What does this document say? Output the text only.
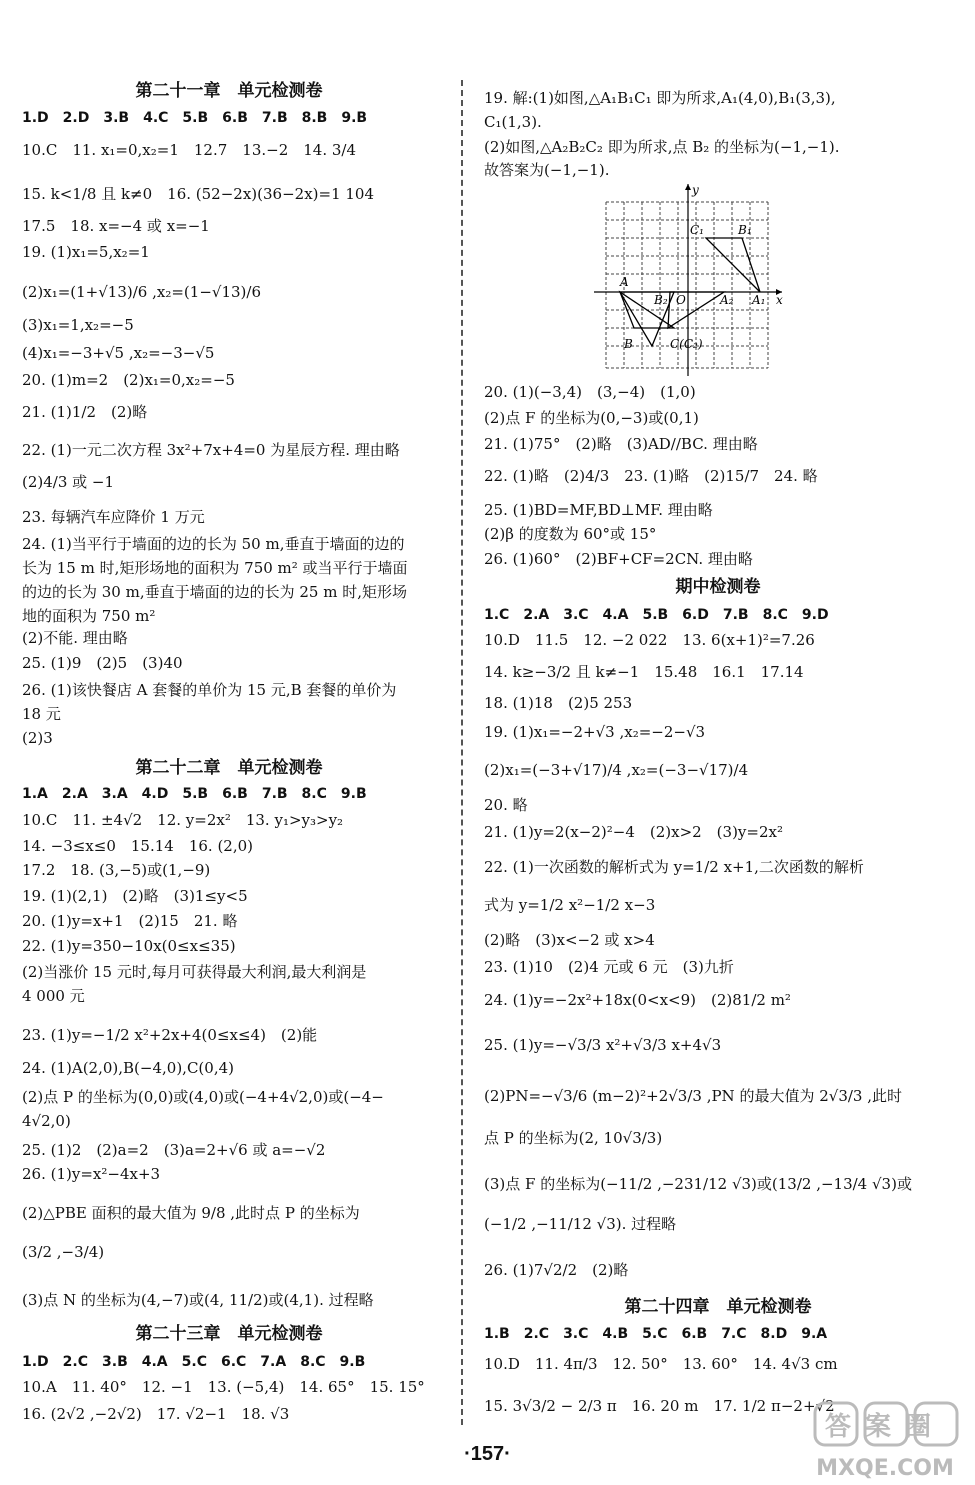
第二十一章　单元检测卷
1.D　2.D　3.B　4.C　5.B　6.B　7.B　8.B　9.B
10.C　11. x₁=0,x₂=1　12.7　13.−2　14. 3/4
15. k<1/8 且 k≠0　16. (52−2x)(36−2x)=1 104
17.5　18. x=−4 或 x=−1
19. (1)x₁=5,x₂=1
(2)x₁=(1+√13)/6 ,x₂=(1−√13)/6
(3)x₁=1,x₂=−5
(4)x₁=−3+√5 ,x₂=−3−√5
20. (1)m=2　(2)x₁=0,x₂=−5
21. (1)1/2　(2)略
22. (1)一元二次方程 3x²+7x+4=0 为星辰方程. 理由略
(2)4/3 或 −1
23. 每辆汽车应降价 1 万元
24. (1)当平行于墙面的边的长为 50 m,垂直于墙面的边的
长为 15 m 时,矩形场地的面积为 750 m² 或当平行于墙面
的边的长为 30 m,垂直于墙面的边的长为 25 m 时,矩形场
地的面积为 750 m²
(2)不能. 理由略
25. (1)9　(2)5　(3)40
26. (1)该快餐店 A 套餐的单价为 15 元,B 套餐的单价为
18 元
(2)3
第二十二章　单元检测卷
1.A　2.A　3.A　4.D　5.B　6.B　7.B　8.C　9.B
10.C　11. ±4√2　12. y=2x²　13. y₁>y₃>y₂
14. −3≤x≤0　15.14　16. (2,0)
17.2　18. (3,−5)或(1,−9)
19. (1)(2,1)　(2)略　(3)1≤y<5
20. (1)y=x+1　(2)15　21. 略
22. (1)y=350−10x(0≤x≤35)
(2)当涨价 15 元时,每月可获得最大利润,最大利润是
4 000 元
23. (1)y=−1/2 x²+2x+4(0≤x≤4)　(2)能
24. (1)A(2,0),B(−4,0),C(0,4)
(2)点 P 的坐标为(0,0)或(4,0)或(−4+4√2,0)或(−4−
4√2,0)
25. (1)2　(2)a=2　(3)a=2+√6 或 a=−√2
26. (1)y=x²−4x+3
(2)△PBE 面积的最大值为 9/8 ,此时点 P 的坐标为
(3/2 ,−3/4)
(3)点 N 的坐标为(4,−7)或(4, 11/2)或(4,1). 过程略
第二十三章　单元检测卷
1.D　2.C　3.B　4.A　5.C　6.C　7.A　8.C　9.B
10.A　11. 40°　12. −1　13. (−5,4)　14. 65°　15. 15°
16. (2√2 ,−2√2)　17. √2−1　18. √3
19. 解:(1)如图,△A₁B₁C₁ 即为所求,A₁(4,0),B₁(3,3),
C₁(1,3).
(2)如图,△A₂B₂C₂ 即为所求,点 B₂ 的坐标为(−1,−1).
故答案为(−1,−1).
20. (1)(−3,4)　(3,−4)　(1,0)
(2)点 F 的坐标为(0,−3)或(0,1)
21. (1)75°　(2)略　(3)AD//BC. 理由略
22. (1)略　(2)4/3　23. (1)略　(2)15/7　24. 略
25. (1)BD=MF,BD⊥MF. 理由略
(2)β 的度数为 60°或 15°
26. (1)60°　(2)BF+CF=2CN. 理由略
期中检测卷
1.C　2.A　3.C　4.A　5.B　6.D　7.B　8.C　9.D
10.D　11.5　12. −2 022　13. 6(x+1)²=7.26
14. k≥−3/2 且 k≠−1　15.48　16.1　17.14
18. (1)18　(2)5 253
19. (1)x₁=−2+√3 ,x₂=−2−√3
(2)x₁=(−3+√17)/4 ,x₂=(−3−√17)/4
20. 略
21. (1)y=2(x−2)²−4　(2)x>2　(3)y=2x²
22. (1)一次函数的解析式为 y=1/2 x+1,二次函数的解析
式为 y=1/2 x²−1/2 x−3
(2)略　(3)x<−2 或 x>4
23. (1)10　(2)4 元或 6 元　(3)九折
24. (1)y=−2x²+18x(0<x<9)　(2)81/2 m²
25. (1)y=−√3/3 x²+√3/3 x+4√3
(2)PN=−√3/6 (m−2)²+2√3/3 ,PN 的最大值为 2√3/3 ,此时
点 P 的坐标为(2, 10√3/3)
(3)点 F 的坐标为(−11/2 ,−231/12 √3)或(13/2 ,−13/4 √3)或
(−1/2 ,−11/12 √3). 过程略
26. (1)7√2/2　(2)略
第二十四章　单元检测卷
1.B　2.C　3.C　4.B　5.C　6.B　7.C　8.D　9.A
10.D　11. 4π/3　12. 50°　13. 60°　14. 4√3 cm
15. 3√3/2 − 2/3 π　16. 20 m　17. 1/2 π−2+√2
y
x
O
C₁	B₁
A
B₂	A₂ A₁
B	C(C₂)
·157·
答案圈
MXQE.COM
